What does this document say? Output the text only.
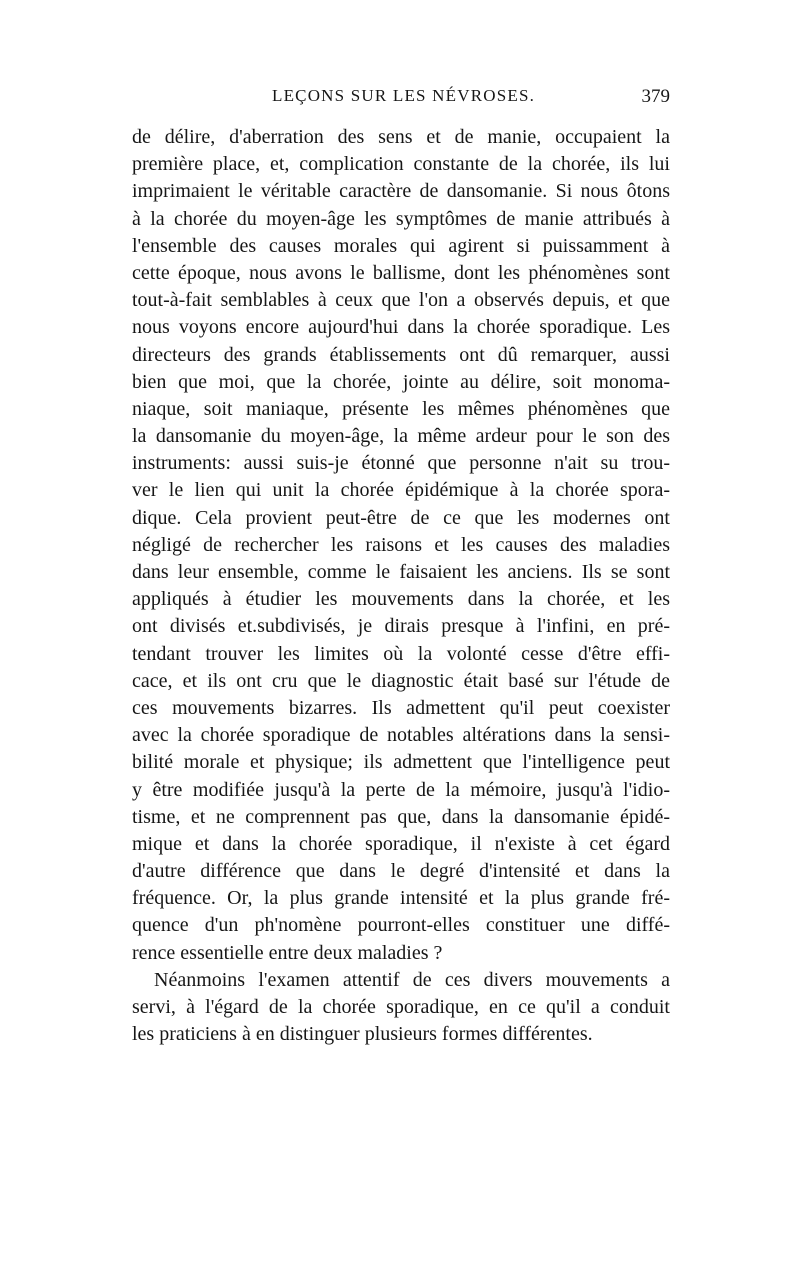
LEÇONS SUR LES NÉVROSES.	379
de délire, d'aberration des sens et de manie, occupaient la
première place, et, complication constante de la chorée, ils lui
imprimaient le véritable caractère de dansomanie. Si nous ôtons
à la chorée du moyen-âge les symptômes de manie attribués à
l'ensemble des causes morales qui agirent si puissamment à
cette époque, nous avons le ballisme, dont les phénomènes sont
tout-à-fait semblables à ceux que l'on a observés depuis, et que
nous voyons encore aujourd'hui dans la chorée sporadique. Les
directeurs des grands établissements ont dû remarquer, aussi
bien que moi, que la chorée, jointe au délire, soit monoma-
niaque, soit maniaque, présente les mêmes phénomènes que
la dansomanie du moyen-âge, la même ardeur pour le son des
instruments: aussi suis-je étonné que personne n'ait su trou-
ver le lien qui unit la chorée épidémique à la chorée spora-
dique. Cela provient peut-être de ce que les modernes ont
négligé de rechercher les raisons et les causes des maladies
dans leur ensemble, comme le faisaient les anciens. Ils se sont
appliqués à étudier les mouvements dans la chorée, et les
ont divisés et.subdivisés, je dirais presque à l'infini, en pré-
tendant trouver les limites où la volonté cesse d'être effi-
cace, et ils ont cru que le diagnostic était basé sur l'étude de
ces mouvements bizarres. Ils admettent qu'il peut coexister
avec la chorée sporadique de notables altérations dans la sensi-
bilité morale et physique; ils admettent que l'intelligence peut
y être modifiée jusqu'à la perte de la mémoire, jusqu'à l'idio-
tisme, et ne comprennent pas que, dans la dansomanie épidé-
mique et dans la chorée sporadique, il n'existe à cet égard
d'autre différence que dans le degré d'intensité et dans la
fréquence. Or, la plus grande intensité et la plus grande fré-
quence d'un ph'nomène pourront-elles constituer une diffé-
rence essentielle entre deux maladies ?
Néanmoins l'examen attentif de ces divers mouvements a
servi, à l'égard de la chorée sporadique, en ce qu'il a conduit
les praticiens à en distinguer plusieurs formes différentes.
